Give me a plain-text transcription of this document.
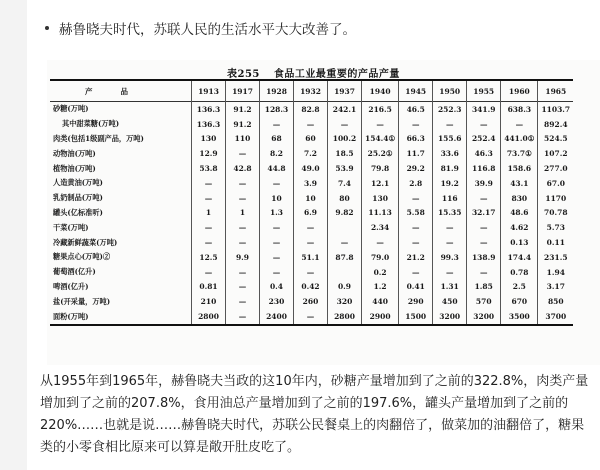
赫鲁晓夫时代，苏联人民的生活水平大大改善了。
表255 食品工业最重要的产品产量
产品	1913	1917	1928	1932	1937	1940	1945	1950	1955	1960	1965
砂糖(万吨)	136.3	91.2	128.3	82.8	242.1	216.5	46.5	252.3	341.9	638.3	1103.7
其中甜菜糖(万吨)	136.3	91.2	—	—	—	—	—	—	—	—	892.4
肉类(包括1级副产品，万吨)	130	110	68	60	100.2	154.4①	66.3	155.6	252.4	441.0①	524.5
动物油(万吨)	12.9	—	8.2	7.2	18.5	25.2①	11.7	33.6	46.3	73.7①	107.2
植物油(万吨)	53.8	42.8	44.8	49.0	53.9	79.8	29.2	81.9	116.8	158.6	277.0
人造黄油(万吨)	—	—	—	3.9	7.4	12.1	2.8	19.2	39.9	43.1	67.0
乳奶制品(万吨)	—	—	10	10	80	130	—	116	—	830	1170
罐头(亿标准听)	1	1	1.3	6.9	9.82	11.13	5.58	15.35	32.17	48.6	70.78
干菜(万吨)	—	—	—	—		2.34	—	—	—	4.62	5.73
冷藏新鲜蔬菜(万吨)	—	—	—	—	—	—	—	—	—	0.13	0.11
糖果点心(万吨)②	12.5	9.9	—	51.1	87.8	79.0	21.2	99.3	138.9	174.4	231.5
葡萄酒(亿升)	—	—	—	—		0.2	—	—	—	0.78	1.94
啤酒(亿升)	0.81	—	0.4	0.42	0.9	1.2	0.41	1.31	1.85	2.5	3.17
盐(开采量，万吨)	210	—	230	260	320	440	290	450	570	670	850
面粉(万吨)	2800	—	2400	—	2800	2900	1500	3200	3200	3500	3700
从1955年到1965年，赫鲁晓夫当政的这10年内，砂糖产量增加到了之前的322.8%，肉类产量增加到了之前的207.8%，食用油总产量增加到了之前的197.6%，罐头产量增加到了之前的220%……也就是说……赫鲁晓夫时代，苏联公民餐桌上的肉翻倍了，做菜加的油翻倍了，糖果类的小零食相比原来可以算是敞开肚皮吃了。
